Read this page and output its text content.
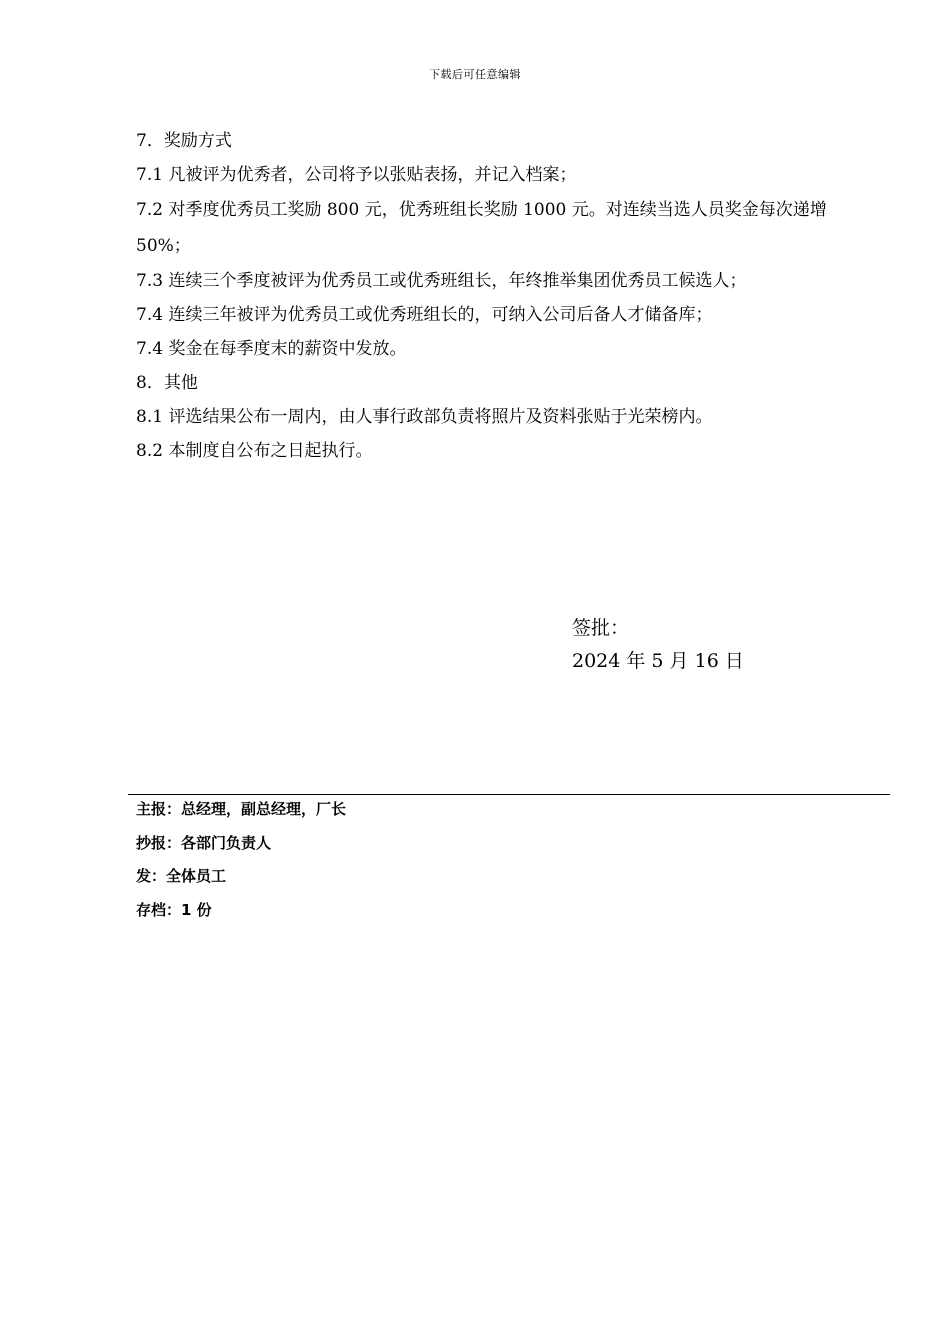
下载后可任意编辑
7．奖励方式
7.1 凡被评为优秀者，公司将予以张贴表扬，并记入档案；
7.2 对季度优秀员工奖励 800 元，优秀班组长奖励 1000 元。对连续当选人员奖金每次递增 50%；
7.3 连续三个季度被评为优秀员工或优秀班组长，年终推举集团优秀员工候选人；
7.4 连续三年被评为优秀员工或优秀班组长的，可纳入公司后备人才储备库；
7.4 奖金在每季度末的薪资中发放。
8．其他
8.1 评选结果公布一周内，由人事行政部负责将照片及资料张贴于光荣榜内。
8.2 本制度自公布之日起执行。
签批：
2024 年 5 月 16 日
主报：总经理，副总经理，厂长
抄报：各部门负责人
发：全体员工
存档：1 份
